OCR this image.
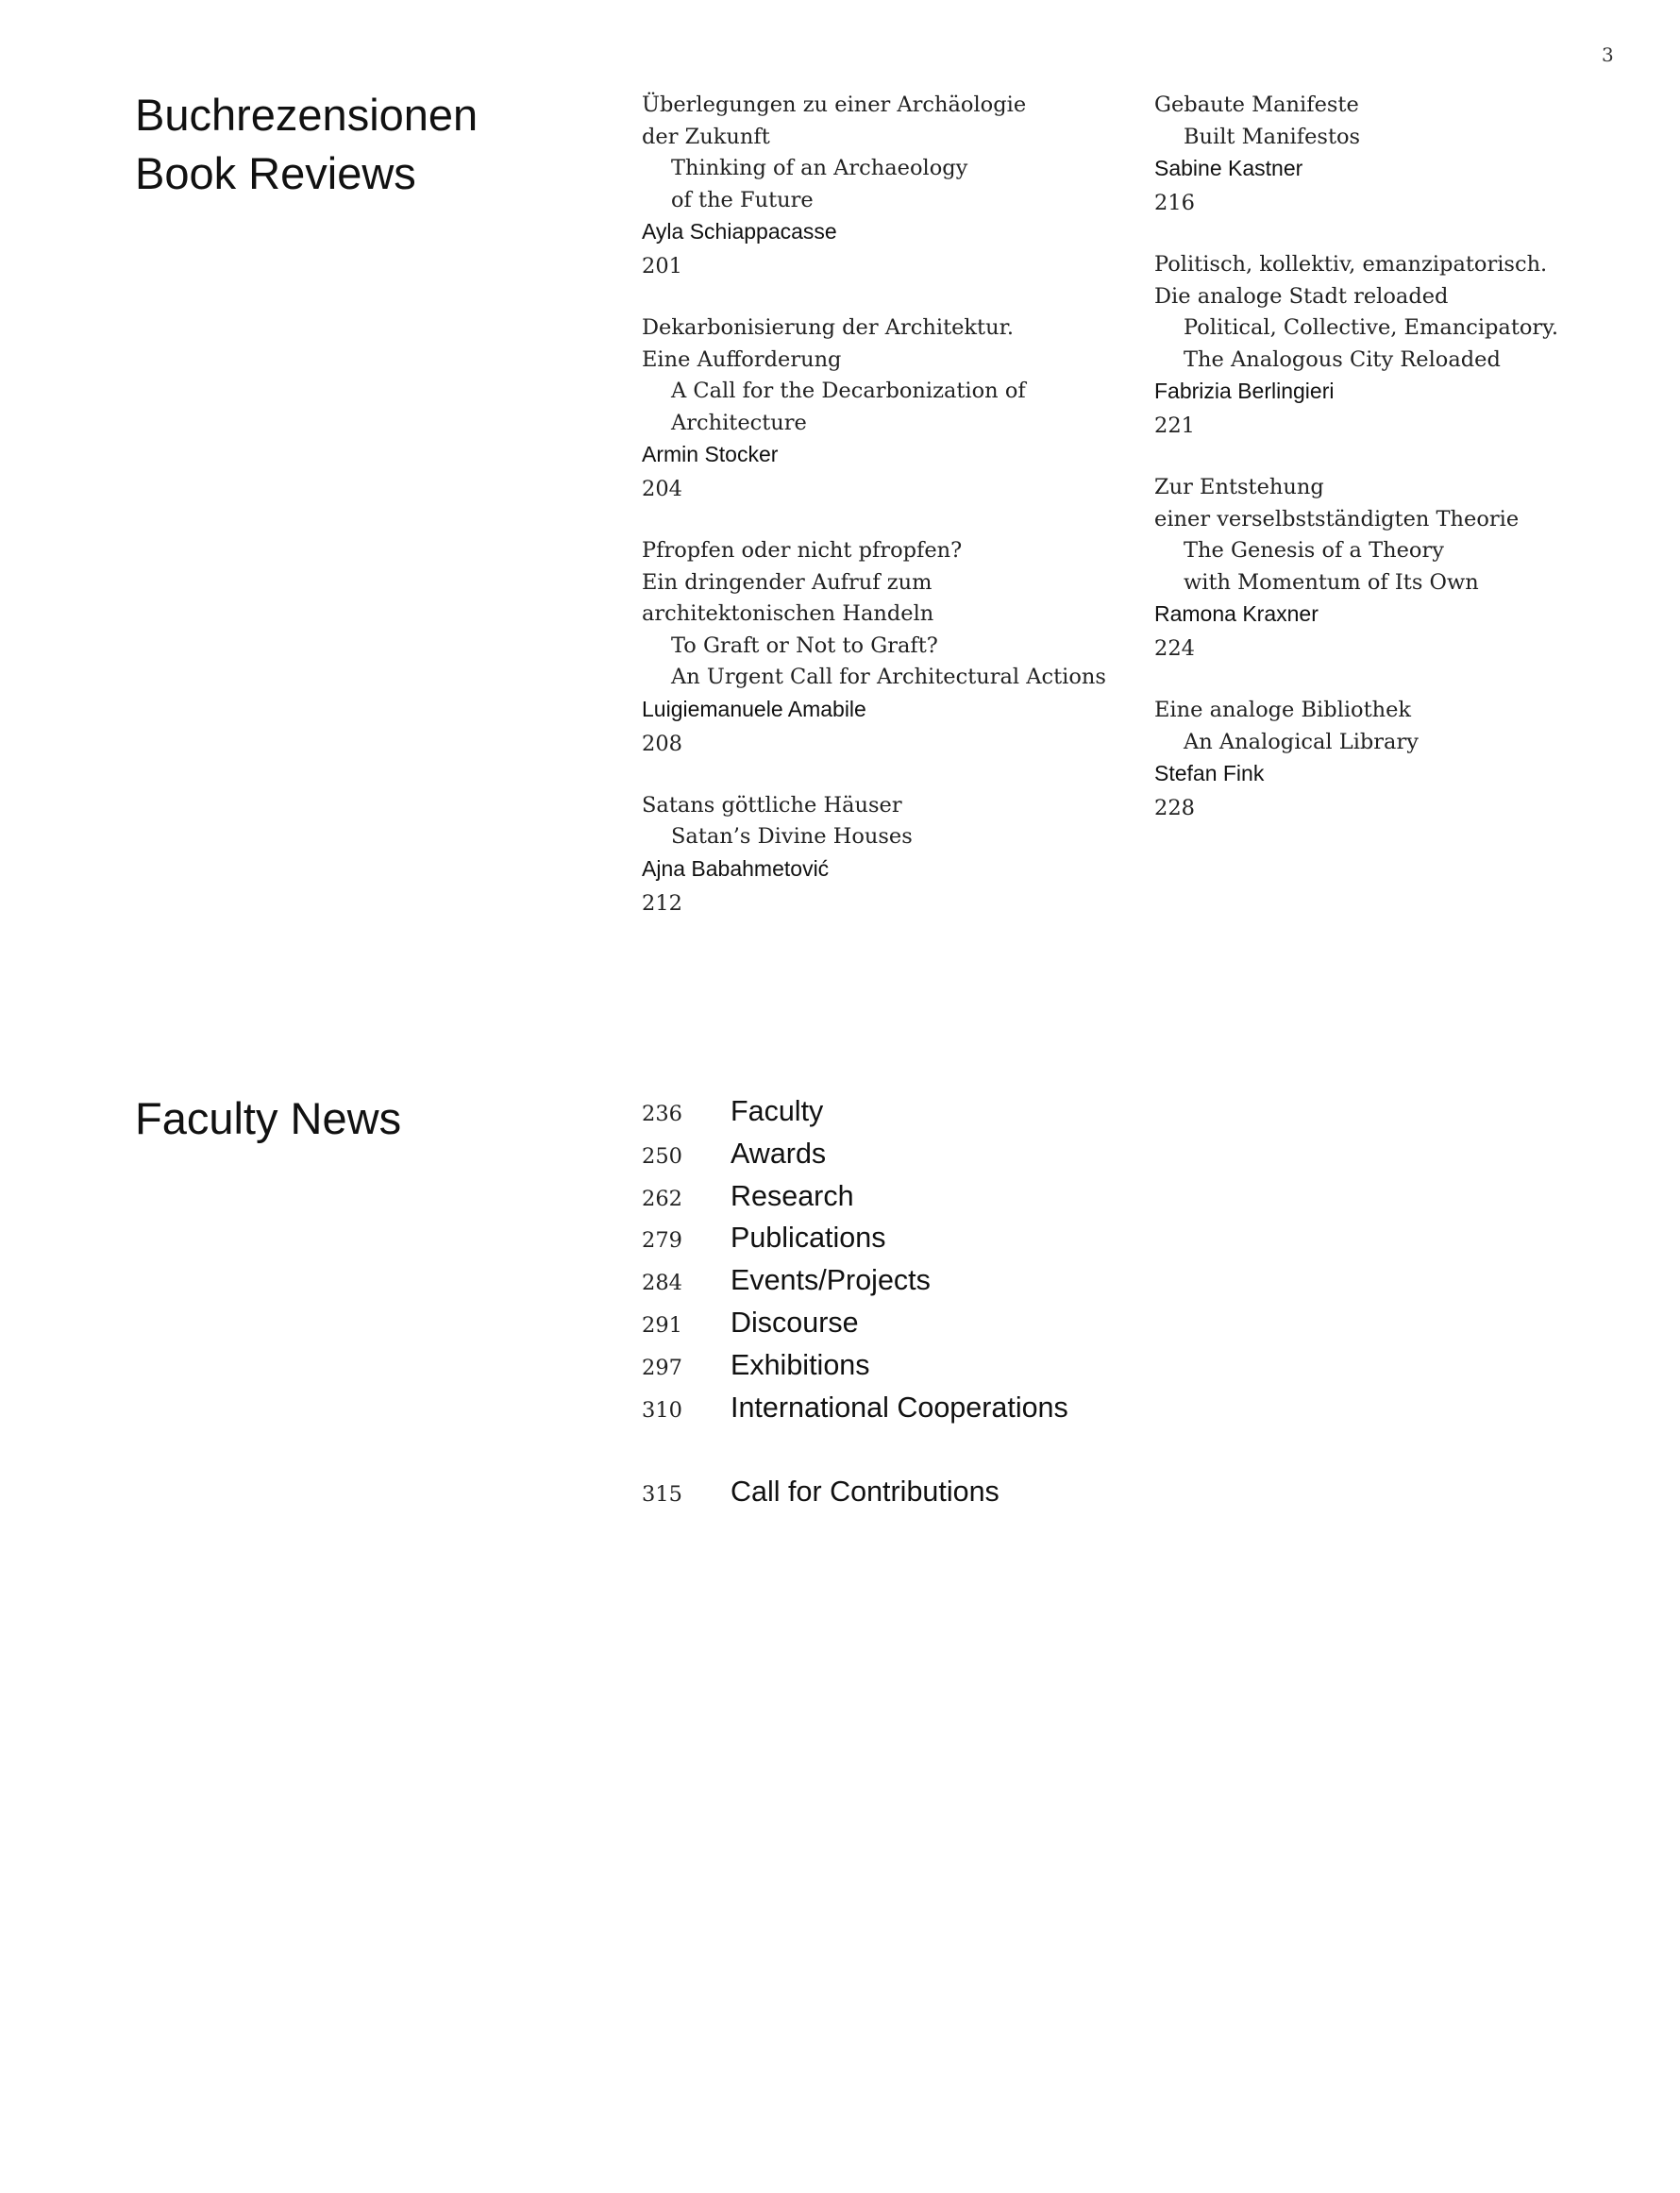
3
Buchrezensionen
Book Reviews
Überlegungen zu einer Archäologie
der Zukunft
Thinking of an Archaeology
of the Future
Ayla Schiappacasse
201
Dekarbonisierung der Architektur.
Eine Aufforderung
A Call for the Decarbonization of
Architecture
Armin Stocker
204
Pfropfen oder nicht pfropfen?
Ein dringender Aufruf zum
architektonischen Handeln
To Graft or Not to Graft?
An Urgent Call for Architectural Actions
Luigiemanuele Amabile
208
Satans göttliche Häuser
Satan’s Divine Houses
Ajna Babahmetović
212
Gebaute Manifeste
Built Manifestos
Sabine Kastner
216
Politisch, kollektiv, emanzipatorisch.
Die analoge Stadt reloaded
Political, Collective, Emancipatory.
The Analogous City Reloaded
Fabrizia Berlingieri
221
Zur Entstehung
einer verselbstständigten Theorie
The Genesis of a Theory
with Momentum of Its Own
Ramona Kraxner
224
Eine analoge Bibliothek
An Analogical Library
Stefan Fink
228
Faculty News	236	Faculty
250	Awards
262	Research
279	Publications
284	Events/Projects
291	Discourse
297	Exhibitions
310	International Cooperations
315	Call for Contributions
